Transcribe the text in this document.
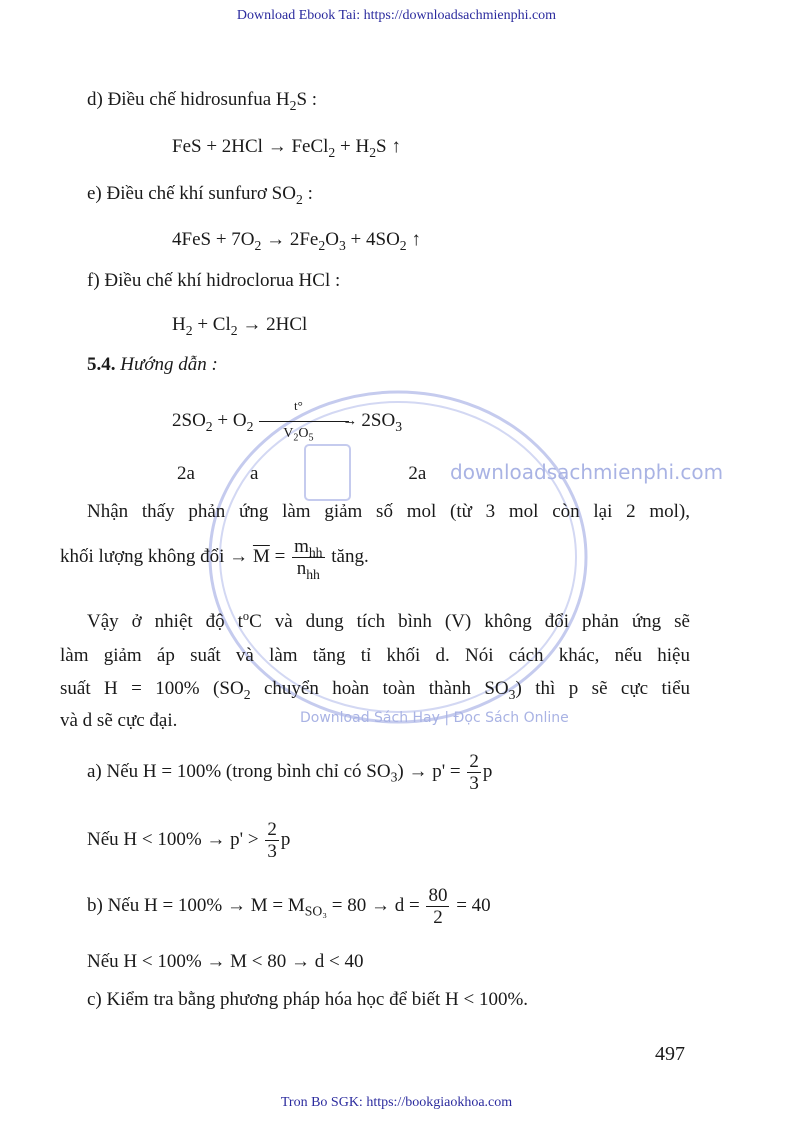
Download Ebook Tai: https://downloadsachmienphi.com
downloadsachmienphi.com
Download Sách Hay | Đọc Sách Online
d) Điều chế hidrosunfua $H_2S$ :
FeS + 2HCl → FeCl$_2$ + $H_2S$ ↑
e) Điều chế khí sunfurơ $SO_2$ :
$4FeS + 7O_2 \to 2Fe_2O_3 + 4SO_2$ ↑
f) Điều chế khí hidroclorua HCl :
$H_2 + Cl_2 \to 2HCl$
5.4. Hướng dẫn :
$2SO_2 + O_2$	→
t°
$V_2O_5$
$2SO_3$
2a	a	2a
Nhận thấy phản ứng làm giảm số mol (từ 3 mol còn lại 2 mol),
khối lượng không đổi → $\overline{M} = \frac{m_{hh}}{n_{hh}}$ tăng.
Vậy ở nhiệt độ $t^oC$ và dung tích bình (V) không đổi phản ứng sẽ
làm giảm áp suất và làm tăng tỉ khối d. Nói cách khác, nếu hiệu
suất H = 100% ($SO_2$ chuyển hoàn toàn thành $SO_3$) thì p sẽ cực tiểu
và d sẽ cực đại.
a) Nếu H = 100% (trong bình chỉ có $SO_3) \to p' = \frac{2}{3}$ p
Nếu $H < 100\% \to p' > \frac{2}{3}$ p
b) Nếu $H = 100\% \to M = M_{SO_3} = 80 \to d = \frac{80}{2} = 40$
Nếu H < 100% → M < 80 → d < 40
c) Kiểm tra bằng phương pháp hóa học để biết H < 100%.
497
Tron Bo SGK: https://bookgiaokhoa.com
